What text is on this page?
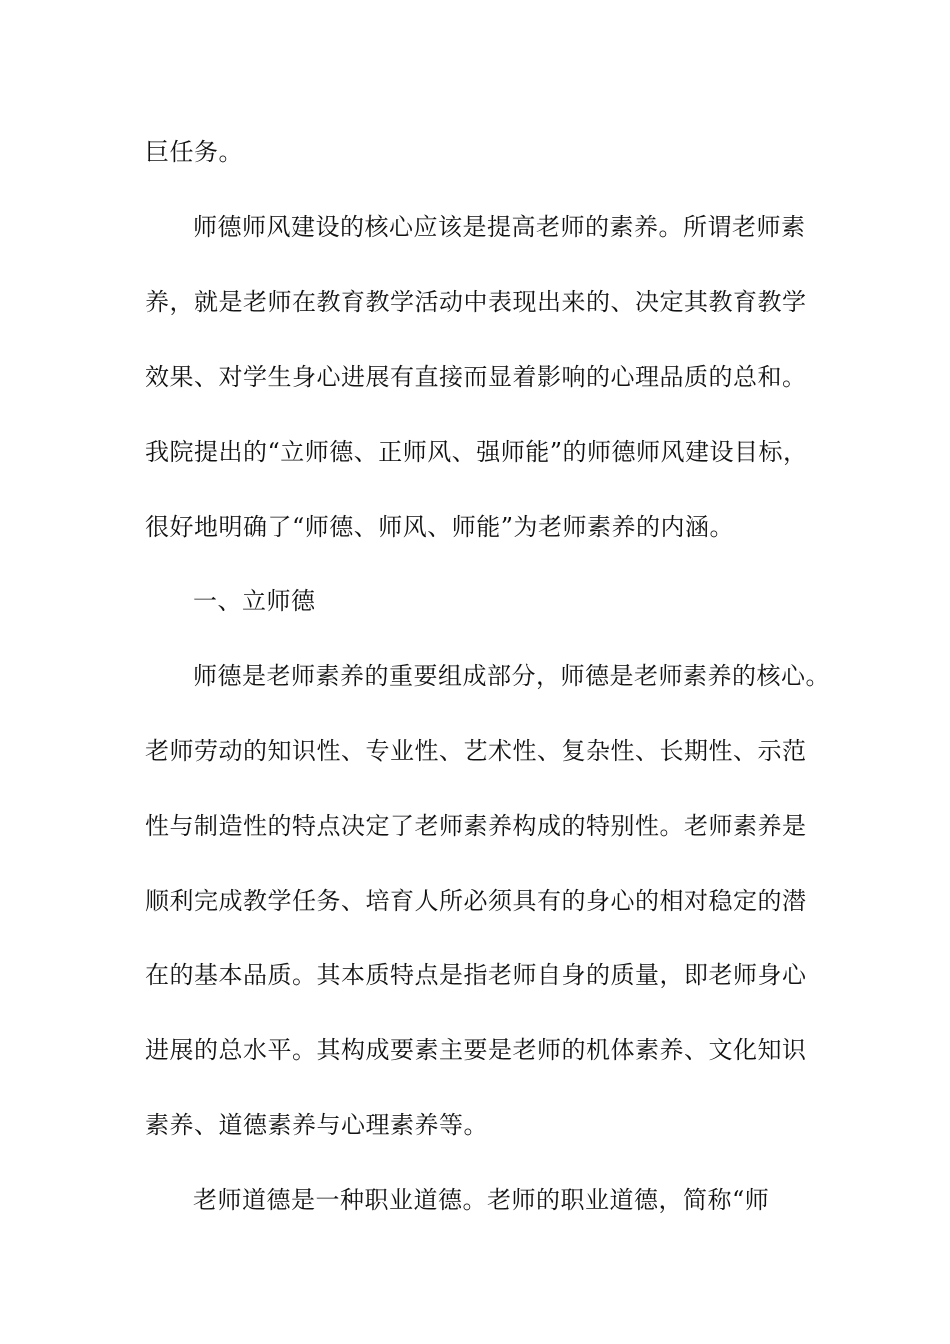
巨任务。

师德师风建设的核心应该是提高老师的素养。所谓老师素

养，就是老师在教育教学活动中表现出来的、决定其教育教学

效果、对学生身心进展有直接而显着影响的心理品质的总和。

我院提出的“立师德、正师风、强师能”的师德师风建设目标，

很好地明确了“师德、师风、师能”为老师素养的内涵。

一、立师德

师德是老师素养的重要组成部分，师德是老师素养的核心。

老师劳动的知识性、专业性、艺术性、复杂性、长期性、示范

性与制造性的特点决定了老师素养构成的特别性。老师素养是

顺利完成教学任务、培育人所必须具有的身心的相对稳定的潜

在的基本品质。其本质特点是指老师自身的质量，即老师身心

进展的总水平。其构成要素主要是老师的机体素养、文化知识

素养、道德素养与心理素养等。

老师道德是一种职业道德。老师的职业道德，简称“师
